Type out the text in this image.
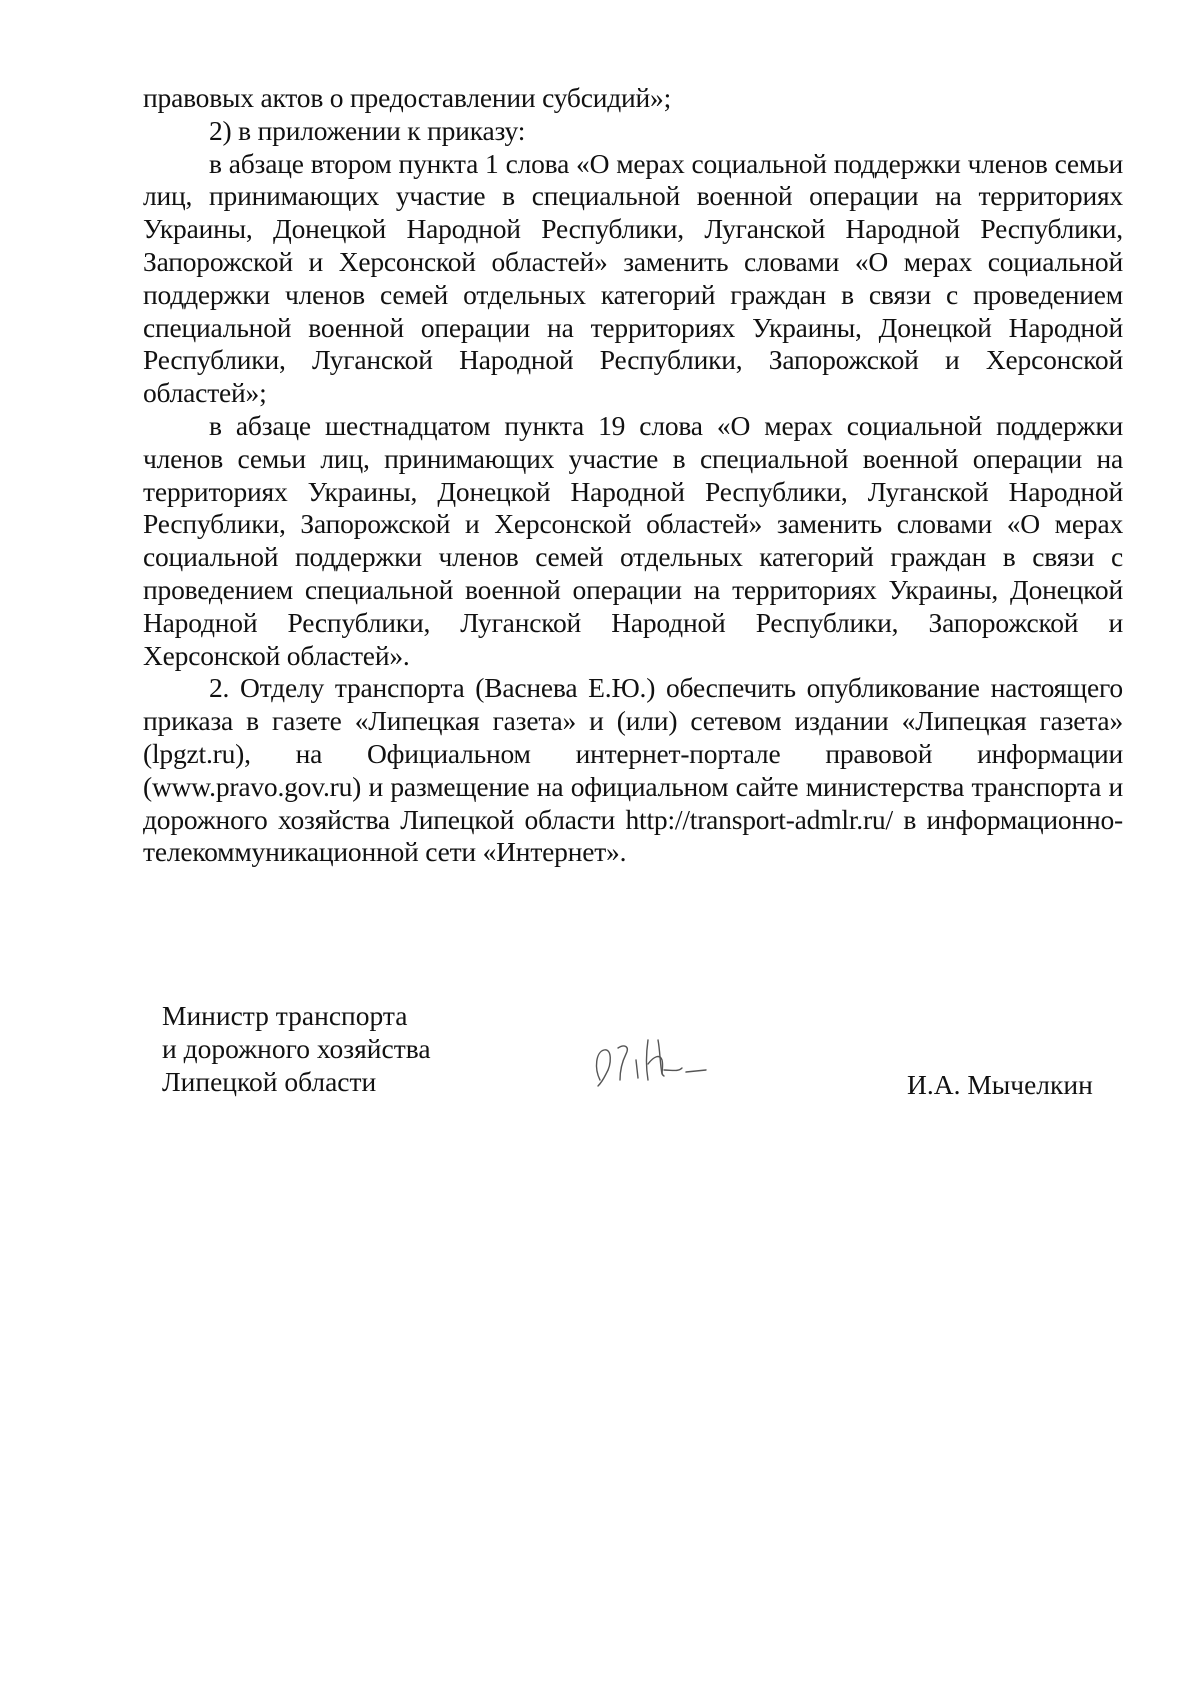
правовых актов о предоставлении субсидий»;

2) в приложении к приказу:

в абзаце втором пункта 1 слова «О мерах социальной поддержки членов семьи лиц, принимающих участие в специальной военной операции на территориях Украины, Донецкой Народной Республики, Луганской Народной Республики, Запорожской и Херсонской областей» заменить словами «О мерах социальной поддержки членов семей отдельных категорий граждан в связи с проведением специальной военной операции на территориях Украины, Донецкой Народной Республики, Луганской Народной Республики, Запорожской и Херсонской областей»;

в абзаце шестнадцатом пункта 19 слова «О мерах социальной поддержки членов семьи лиц, принимающих участие в специальной военной операции на территориях Украины, Донецкой Народной Республики, Луганской Народной Республики, Запорожской и Херсонской областей» заменить словами «О мерах социальной поддержки членов семей отдельных категорий граждан в связи с проведением специальной военной операции на территориях Украины, Донецкой Народной Республики, Луганской Народной Республики, Запорожской и Херсонской областей».

2. Отделу транспорта (Васнева Е.Ю.) обеспечить опубликование настоящего приказа в газете «Липецкая газета» и (или) сетевом издании «Липецкая газета» (lpgzt.ru), на Официальном интернет-портале правовой информации (www.pravo.gov.ru) и размещение на официальном сайте министерства транспорта и дорожного хозяйства Липецкой области http://transport-admlr.ru/ в информационно-телекоммуникационной сети «Интернет».

Министр транспорта
и дорожного хозяйства
Липецкой области	И.А. Мычелкин
